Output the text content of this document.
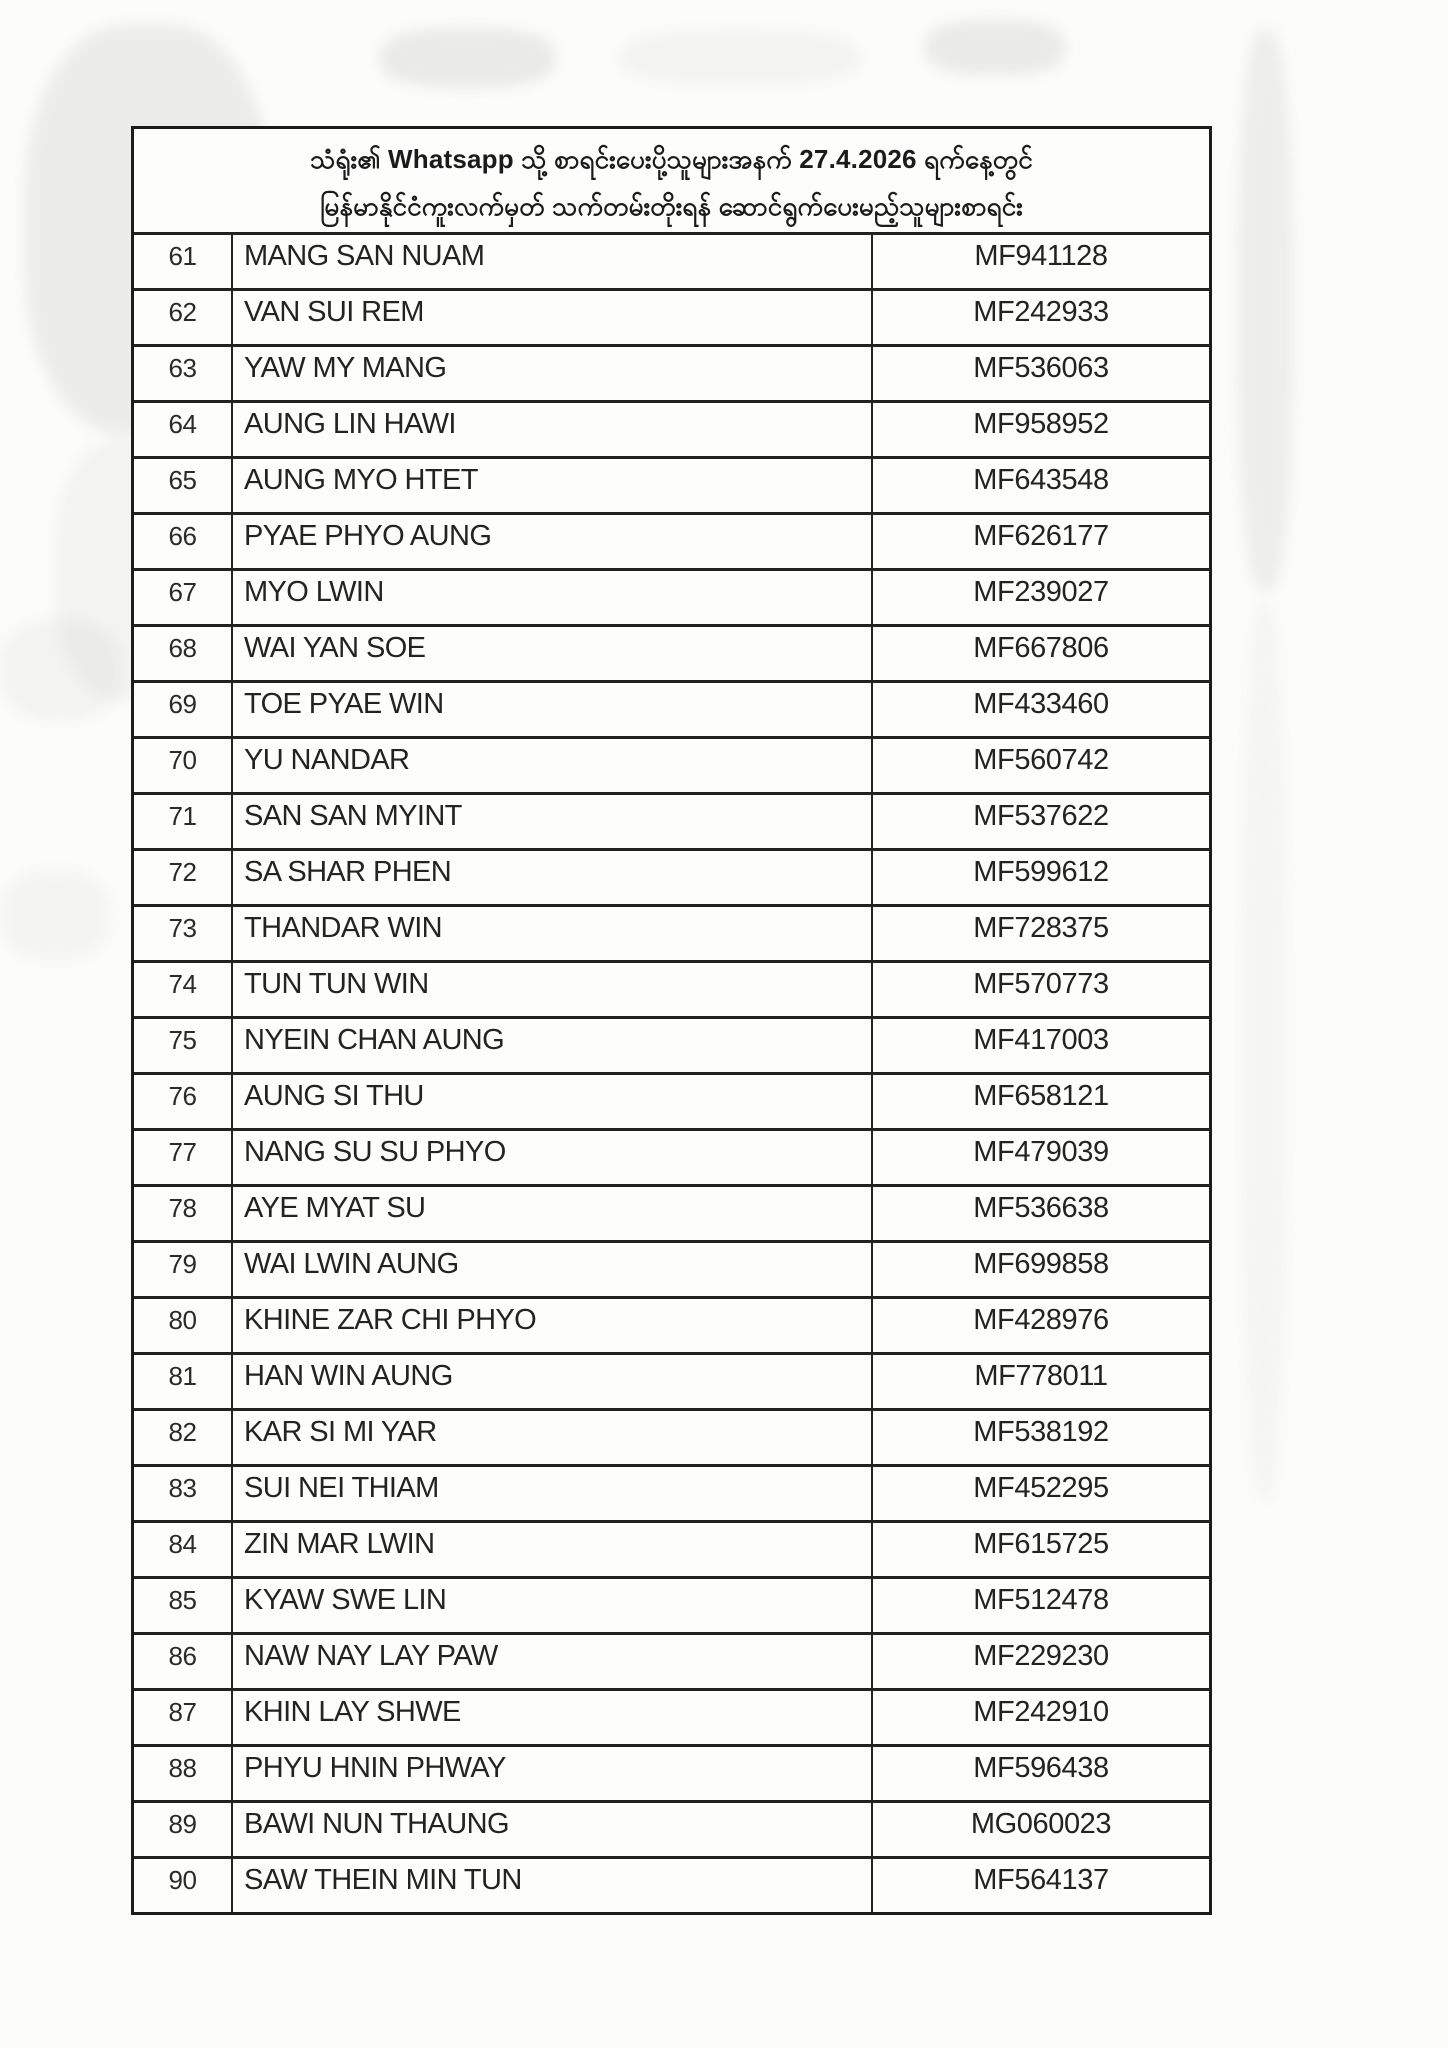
သံရုံး၏ Whatsapp သို့ စာရင်းပေးပို့သူများအနက် 27.4.2026 ရက်နေ့တွင်
မြန်မာနိုင်ငံကူးလက်မှတ် သက်တမ်းတိုးရန် ဆောင်ရွက်ပေးမည့်သူများစာရင်း
61	MANG SAN NUAM	MF941128
62	VAN SUI REM	MF242933
63	YAW MY MANG	MF536063
64	AUNG LIN HAWI	MF958952
65	AUNG MYO HTET	MF643548
66	PYAE PHYO AUNG	MF626177
67	MYO LWIN	MF239027
68	WAI YAN SOE	MF667806
69	TOE PYAE WIN	MF433460
70	YU NANDAR	MF560742
71	SAN SAN MYINT	MF537622
72	SA SHAR PHEN	MF599612
73	THANDAR WIN	MF728375
74	TUN TUN WIN	MF570773
75	NYEIN CHAN AUNG	MF417003
76	AUNG SI THU	MF658121
77	NANG SU SU PHYO	MF479039
78	AYE MYAT SU	MF536638
79	WAI LWIN AUNG	MF699858
80	KHINE ZAR CHI PHYO	MF428976
81	HAN WIN AUNG	MF778011
82	KAR SI MI YAR	MF538192
83	SUI NEI THIAM	MF452295
84	ZIN MAR LWIN	MF615725
85	KYAW SWE LIN	MF512478
86	NAW NAY LAY PAW	MF229230
87	KHIN LAY SHWE	MF242910
88	PHYU HNIN PHWAY	MF596438
89	BAWI NUN THAUNG	MG060023
90	SAW THEIN MIN TUN	MF564137
